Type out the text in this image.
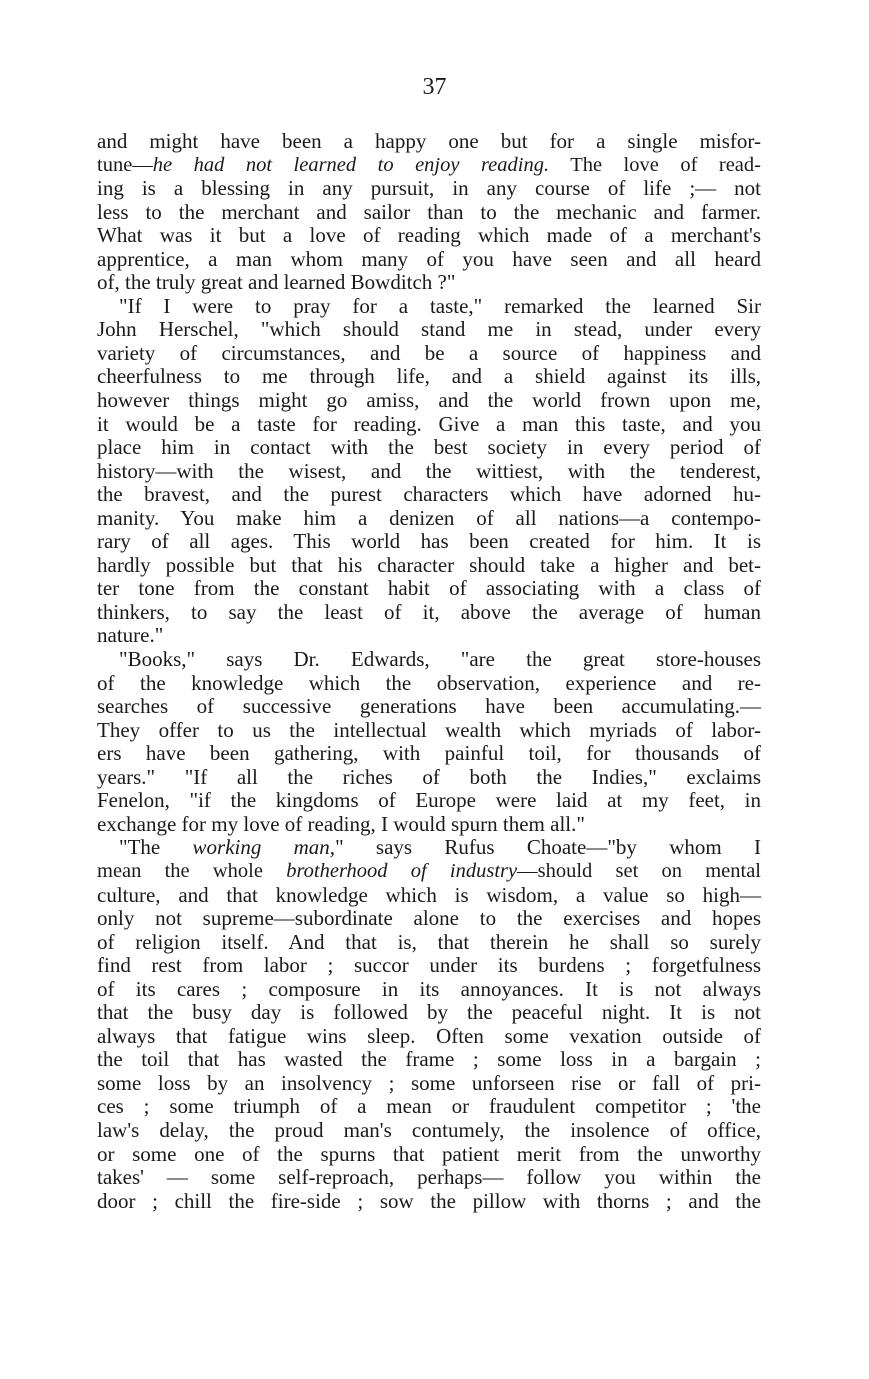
37
and might have been a happy one but for a single misfor-
tune—he had not learned to enjoy reading. The love of read-
ing is a blessing in any pursuit, in any course of life ;— not
less to the merchant and sailor than to the mechanic and farmer.
What was it but a love of reading which made of a merchant's
apprentice, a man whom many of you have seen and all heard
of, the truly great and learned Bowditch ?"
"If I were to pray for a taste," remarked the learned Sir
John Herschel, "which should stand me in stead, under every
variety of circumstances, and be a source of happiness and
cheerfulness to me through life, and a shield against its ills,
however things might go amiss, and the world frown upon me,
it would be a taste for reading. Give a man this taste, and you
place him in contact with the best society in every period of
history—with the wisest, and the wittiest, with the tenderest,
the bravest, and the purest characters which have adorned hu-
manity. You make him a denizen of all nations—a contempo-
rary of all ages. This world has been created for him. It is
hardly possible but that his character should take a higher and bet-
ter tone from the constant habit of associating with a class of
thinkers, to say the least of it, above the average of human
nature."
"Books," says Dr. Edwards, "are the great store-houses
of the knowledge which the observation, experience and re-
searches of successive generations have been accumulating.—
They offer to us the intellectual wealth which myriads of labor-
ers have been gathering, with painful toil, for thousands of
years." "If all the riches of both the Indies," exclaims
Fenelon, "if the kingdoms of Europe were laid at my feet, in
exchange for my love of reading, I would spurn them all."
"The working man," says Rufus Choate—"by whom I
mean the whole brotherhood of industry—should set on mental
culture, and that knowledge which is wisdom, a value so high—
only not supreme—subordinate alone to the exercises and hopes
of religion itself. And that is, that therein he shall so surely
find rest from labor ; succor under its burdens ; forgetfulness
of its cares ; composure in its annoyances. It is not always
that the busy day is followed by the peaceful night. It is not
always that fatigue wins sleep. Often some vexation outside of
the toil that has wasted the frame ; some loss in a bargain ;
some loss by an insolvency ; some unforseen rise or fall of pri-
ces ; some triumph of a mean or fraudulent competitor ; 'the
law's delay, the proud man's contumely, the insolence of office,
or some one of the spurns that patient merit from the unworthy
takes' — some self-reproach, perhaps— follow you within the
door ; chill the fire-side ; sow the pillow with thorns ; and the
